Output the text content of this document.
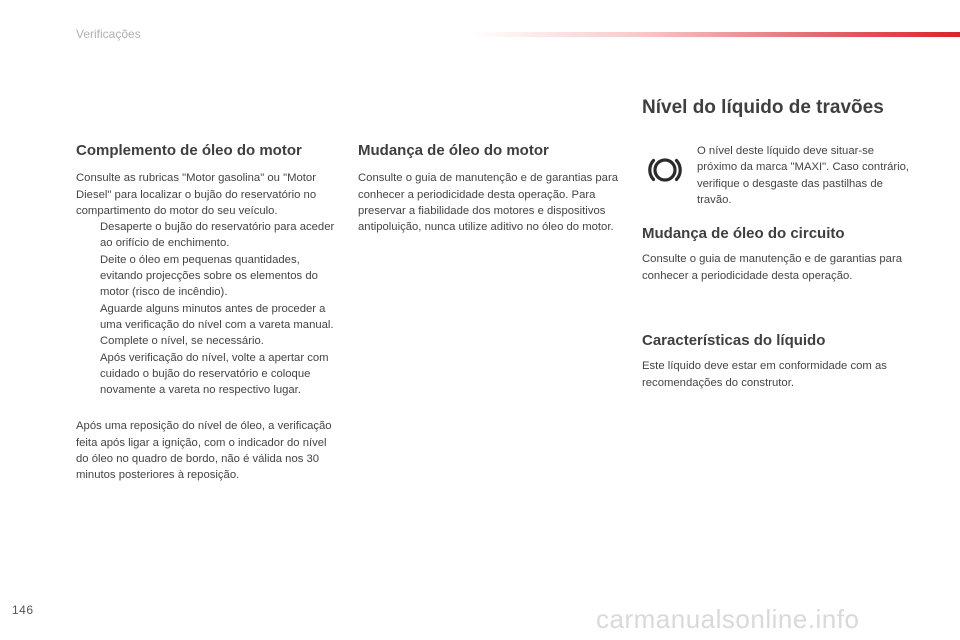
Verificações
Complemento de óleo do motor

Consulte as rubricas "Motor gasolina" ou "Motor Diesel" para localizar o bujão do reservatório no compartimento do motor do seu veículo.

Desaperte o bujão do reservatório para aceder ao orifício de enchimento.
Deite o óleo em pequenas quantidades, evitando projecções sobre os elementos do motor (risco de incêndio).
Aguarde alguns minutos antes de proceder a uma verificação do nível com a vareta manual.
Complete o nível, se necessário.
Após verificação do nível, volte a apertar com cuidado o bujão do reservatório e coloque novamente a vareta no respectivo lugar.

Após uma reposição do nível de óleo, a verificação feita após ligar a ignição, com o indicador do nível do óleo no quadro de bordo, não é válida nos 30 minutos posteriores à reposição.

Mudança de óleo do motor

Consulte o guia de manutenção e de garantias para conhecer a periodicidade desta operação. Para preservar a fiabilidade dos motores e dispositivos antipoluição, nunca utilize aditivo no óleo do motor.

Nível do líquido de travões

O nível deste líquido deve situar-se próximo da marca "MAXI". Caso contrário, verifique o desgaste das pastilhas de travão.

Mudança de óleo do circuito

Consulte o guia de manutenção e de garantias para conhecer a periodicidade desta operação.

Características do líquido

Este líquido deve estar em conformidade com as recomendações do construtor.

146	carmanualsonline.info
